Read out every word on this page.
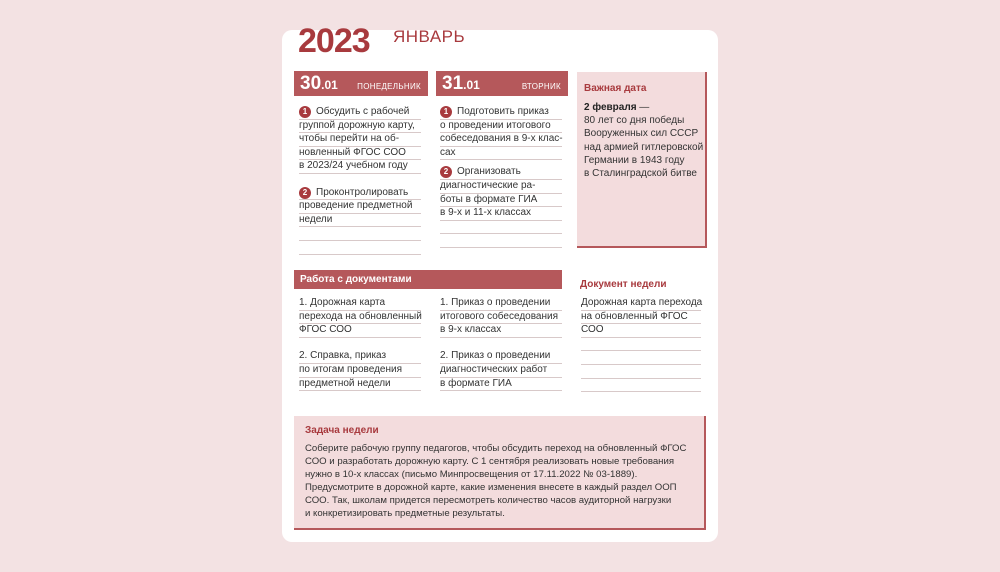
2023 ЯНВАРЬ
30.01 ПОНЕДЕЛЬНИК 31.01	ВТОРНИК
1 Обсудить с рабочей
группой дорожную карту,
чтобы перейти на об-
новленный ФГОС СОО
в 2023/24 учебном году
2 Проконтролировать
проведение предметной
недели
1 Подготовить приказ
о проведении итогового
собеседования в 9-х клас-
сах
2 Организовать
диагностические ра-
боты в формате ГИА
в 9-х и 11-х классах
Важная дата
2 февраля —
80 лет со дня победы
Вооруженных сил СССР
над армией гитлеровской
Германии в 1943 году
в Сталинградской битве
Работа с документами
1. Дорожная карта
перехода на обновленный
ФГОС СОО
2. Справка, приказ
по итогам проведения
предметной недели
1. Приказ о проведении
итогового собеседования
в 9-х классах
2. Приказ о проведении
диагностических работ
в формате ГИА
Документ недели
Дорожная карта перехода
на обновленный ФГОС
СОО
Задача недели
Соберите рабочую группу педагогов, чтобы обсудить переход на обновленный ФГОС
СОО и разработать дорожную карту. С 1 сентября реализовать новые требования
нужно в 10-х классах (письмо Минпросвещения от 17.11.2022 № 03-1889).
Предусмотрите в дорожной карте, какие изменения внесете в каждый раздел ООП
СОО. Так, школам придется пересмотреть количество часов аудиторной нагрузки
и конкретизировать предметные результаты.
